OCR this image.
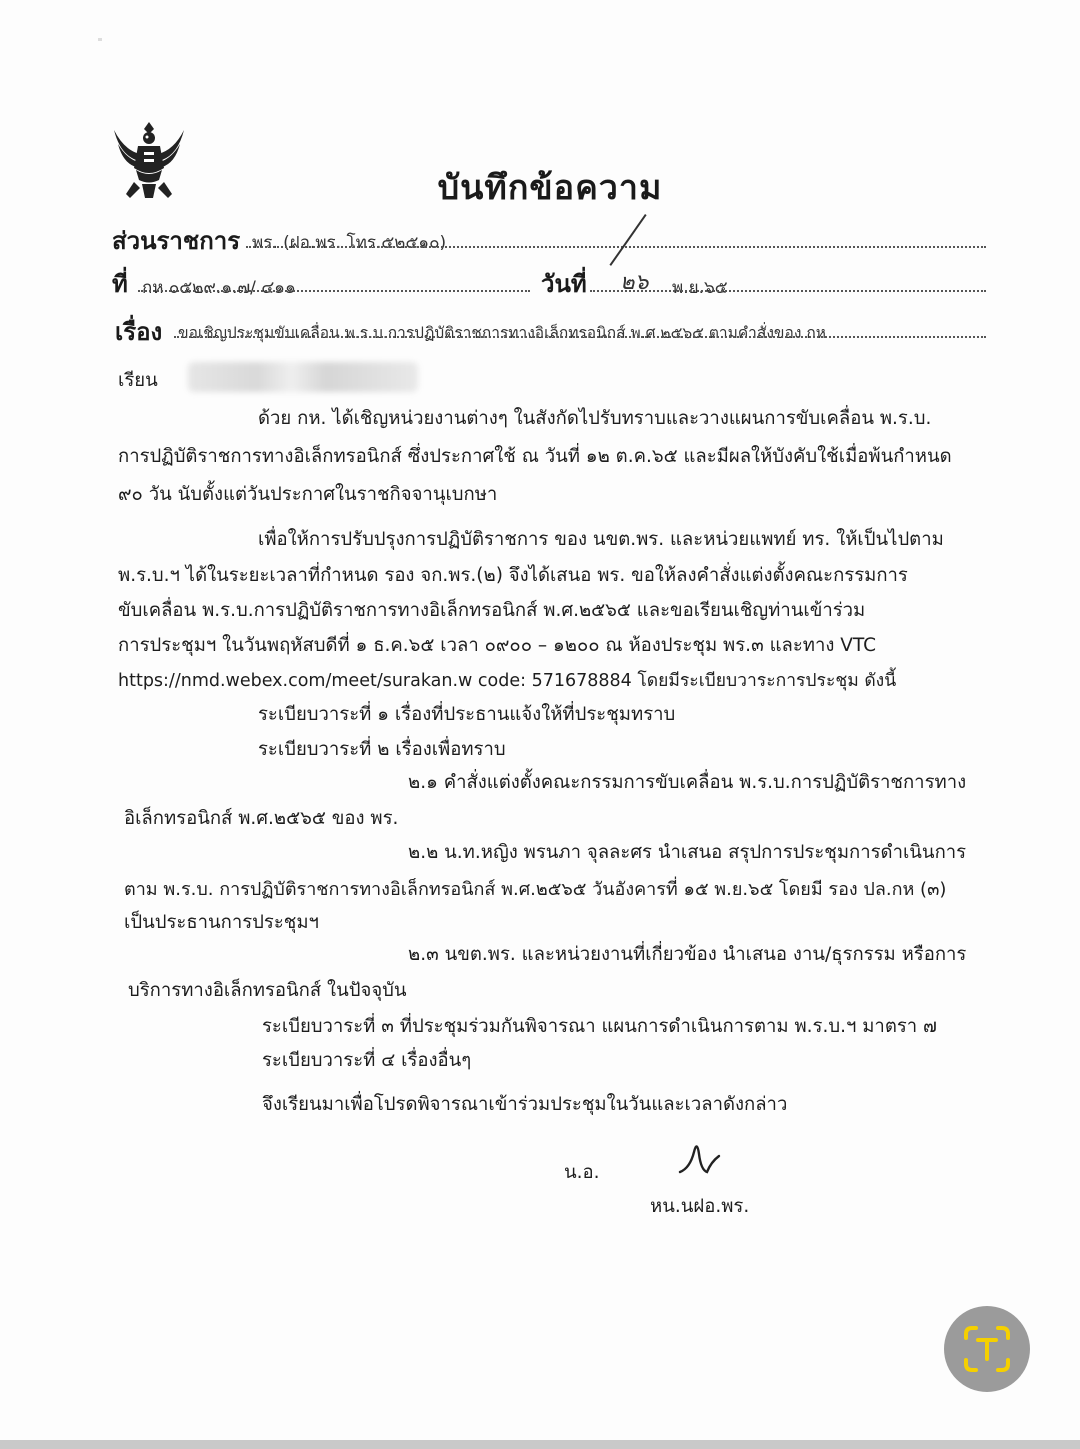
บันทึกข้อความ
ส่วนราชการ พร. (ฝอ.พร. โทร.๕๒๕๑๐)
ที่ กห ๐๕๒๙.๑.๗/ ๔๑๑	วันที่ ๒๖ พ.ย.๖๕
เรื่อง ขอเชิญประชุมขับเคลื่อน พ.ร.บ.การปฏิบัติราชการทางอิเล็กทรอนิกส์ พ.ศ.๒๕๖๕ ตามคำสั่งของ กห
เรียน
ด้วย กห. ได้เชิญหน่วยงานต่างๆ ในสังกัดไปรับทราบและวางแผนการขับเคลื่อน พ.ร.บ.
การปฏิบัติราชการทางอิเล็กทรอนิกส์ ซึ่งประกาศใช้ ณ วันที่ ๑๒ ต.ค.๖๕ และมีผลให้บังคับใช้เมื่อพ้นกำหนด
๙๐ วัน นับตั้งแต่วันประกาศในราชกิจจานุเบกษา
เพื่อให้การปรับปรุงการปฏิบัติราชการ ของ นขต.พร. และหน่วยแพทย์ ทร. ให้เป็นไปตาม
พ.ร.บ.ฯ ได้ในระยะเวลาที่กำหนด รอง จก.พร.(๒) จึงได้เสนอ พร. ขอให้ลงคำสั่งแต่งตั้งคณะกรรมการ
ขับเคลื่อน พ.ร.บ.การปฏิบัติราชการทางอิเล็กทรอนิกส์ พ.ศ.๒๕๖๕ และขอเรียนเชิญท่านเข้าร่วม
การประชุมฯ ในวันพฤหัสบดีที่ ๑ ธ.ค.๖๕ เวลา ๐๙๐๐ – ๑๒๐๐ ณ ห้องประชุม พร.๓ และทาง VTC
https://nmd.webex.com/meet/surakan.w code: 571678884 โดยมีระเบียบวาระการประชุม ดังนี้
ระเบียบวาระที่ ๑ เรื่องที่ประธานแจ้งให้ที่ประชุมทราบ
ระเบียบวาระที่ ๒ เรื่องเพื่อทราบ
๒.๑ คำสั่งแต่งตั้งคณะกรรมการขับเคลื่อน พ.ร.บ.การปฏิบัติราชการทาง
อิเล็กทรอนิกส์ พ.ศ.๒๕๖๕ ของ พร.
๒.๒ น.ท.หญิง พรนภา จุลละศร นำเสนอ สรุปการประชุมการดำเนินการ
ตาม พ.ร.บ. การปฏิบัติราชการทางอิเล็กทรอนิกส์ พ.ศ.๒๕๖๕ วันอังคารที่ ๑๕ พ.ย.๖๕ โดยมี รอง ปล.กห (๓)
เป็นประธานการประชุมฯ
๒.๓ นขต.พร. และหน่วยงานที่เกี่ยวข้อง นำเสนอ งาน/ธุรกรรม หรือการ
บริการทางอิเล็กทรอนิกส์ ในปัจจุบัน
ระเบียบวาระที่ ๓ ที่ประชุมร่วมกันพิจารณา แผนการดำเนินการตาม พ.ร.บ.ฯ มาตรา ๗
ระเบียบวาระที่ ๔ เรื่องอื่นๆ
จึงเรียนมาเพื่อโปรดพิจารณาเข้าร่วมประชุมในวันและเวลาดังกล่าว
น.อ.
หน.นฝอ.พร.
